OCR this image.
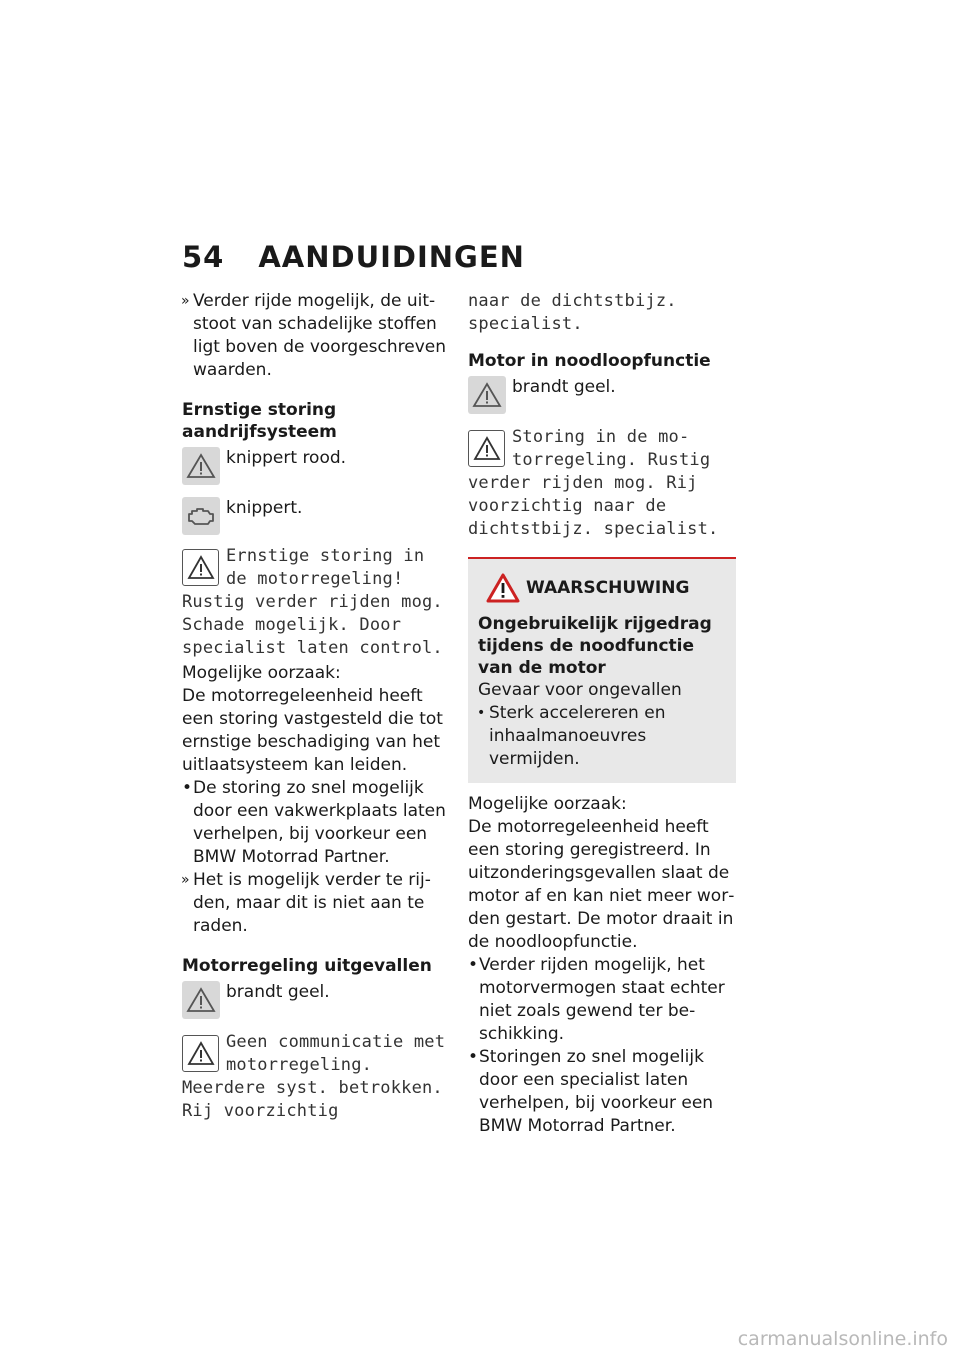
54 AANDUIDINGEN
» Verder rijde mogelijk, de uitstoot van schadelijke stoffen ligt boven de voorgeschreven waarden.
Ernstige storing aandrijfsysteem
knippert rood.
knippert.
Ernstige storing in de motorregeling! Rustig verder rijden mog. Schade mogelijk. Door specialist laten control.

Mogelijke oorzaak:

De motorregeleenheid heeft een storing vastgesteld die tot ernstige beschadiging van het uitlaatsysteem kan leiden.

• De storing zo snel mogelijk door een vakwerkplaats laten verhelpen, bij voorkeur een BMW Motorrad Partner.
» Het is mogelijk verder te rijden, maar dit is niet aan te raden.
Motorregeling uitgevallen
brandt geel.
Geen communicatie met motorregeling. Meerdere syst. betrokken. Rij voorzichtig
naar de dichtstbijz. specialist.
Motor in noodloopfunctie
brandt geel.
Storing in de motorregeling. Rustig verder rijden mog. Rij voorzichtig naar de dichtstbijz. specialist.
WAARSCHUWING
Ongebruikelijk rijgedrag tijdens de noodfunctie van de motor

Gevaar voor ongevallen

• Sterk accelereren en inhaalmanoeuvres vermijden.

Mogelijke oorzaak:

De motorregeleenheid heeft een storing geregistreerd. In uitzonderingsgevallen slaat de motor af en kan niet meer worden gestart. De motor draait in de noodloopfunctie.

• Verder rijden mogelijk, het motorvermogen staat echter niet zoals gewend ter beschikking.
• Storingen zo snel mogelijk door een specialist laten verhelpen, bij voorkeur een BMW Motorrad Partner.
carmanualsonline.info
